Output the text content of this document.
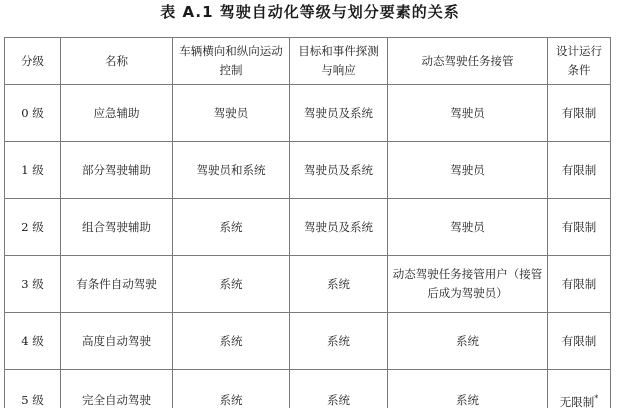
表 A.1 驾驶自动化等级与划分要素的关系
分级	名称	车辆横向和纵向运动控制	目标和事件探测与响应	动态驾驶任务接管	设计运行条件
0 级	应急辅助	驾驶员	驾驶员及系统	驾驶员	有限制
1 级	部分驾驶辅助	驾驶员和系统	驾驶员及系统	驾驶员	有限制
2 级	组合驾驶辅助	系统	驾驶员及系统	驾驶员	有限制
3 级	有条件自动驾驶	系统	系统	动态驾驶任务接管用户（接管后成为驾驶员）	有限制
4 级	高度自动驾驶	系统	系统	系统	有限制
5 级	完全自动驾驶	系统	系统	系统	无限制*
